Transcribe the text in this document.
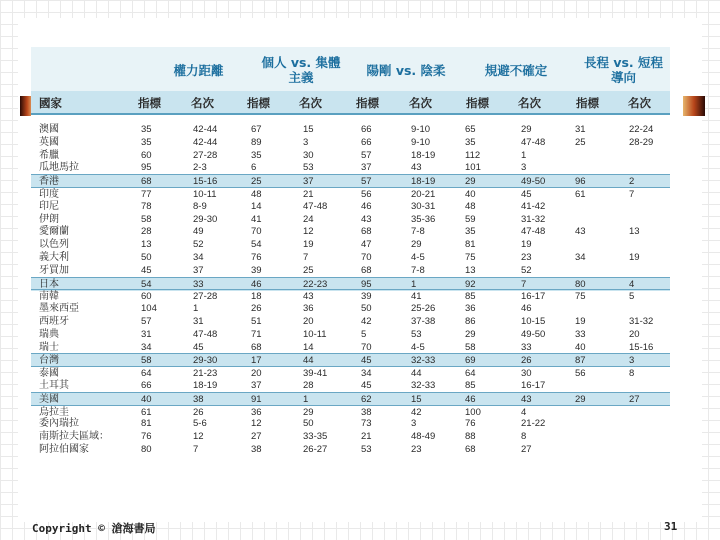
權力距離	個人 vs. 集體
主義	陽剛 vs. 陰柔	規避不確定	長程 vs. 短程
導向
國家	指標	名次	指標	名次	指標	名次	指標	名次	指標	名次
澳國	35	42-44	67	15	66	9-10	65	29	31	22-24
英國	35	42-44	89	3	66	9-10	35	47-48	25	28-29
希臘	60	27-28	35	30	57	18-19	112	1
瓜地馬拉	95	2-3	6	53	37	43	101	3
香港	68	15-16	25	37	57	18-19	29	49-50	96	2
印度	77	10-11	48	21	56	20-21	40	45	61	7
印尼	78	8-9	14	47-48	46	30-31	48	41-42
伊朗	58	29-30	41	24	43	35-36	59	31-32
愛爾蘭	28	49	70	12	68	7-8	35	47-48	43	13
以色列	13	52	54	19	47	29	81	19
義大利	50	34	76	7	70	4-5	75	23	34	19
牙買加	45	37	39	25	68	7-8	13	52
日本	54	33	46	22-23	95	1	92	7	80	4
南韓	60	27-28	18	43	39	41	85	16-17	75	5
墨來西亞	104	1	26	36	50	25-26	36	46
西班牙	57	31	51	20	42	37-38	86	10-15	19	31-32
瑞典	31	47-48	71	10-11	5	53	29	49-50	33	20
瑞士	34	45	68	14	70	4-5	58	33	40	15-16
台灣	58	29-30	17	44	45	32-33	69	26	87	3
泰國	64	21-23	20	39-41	34	44	64	30	56	8
土耳其	66	18-19	37	28	45	32-33	85	16-17
美國	40	38	91	1	62	15	46	43	29	27
烏拉圭	61	26	36	29	38	42	100	4
委內瑞拉	81	5-6	12	50	73	3	76	21-22
南斯拉夫區域：	76	12	27	33-35	21	48-49	88	8
阿拉伯國家	80	7	38	26-27	53	23	68	27
Copyright © 滄海書局	31
